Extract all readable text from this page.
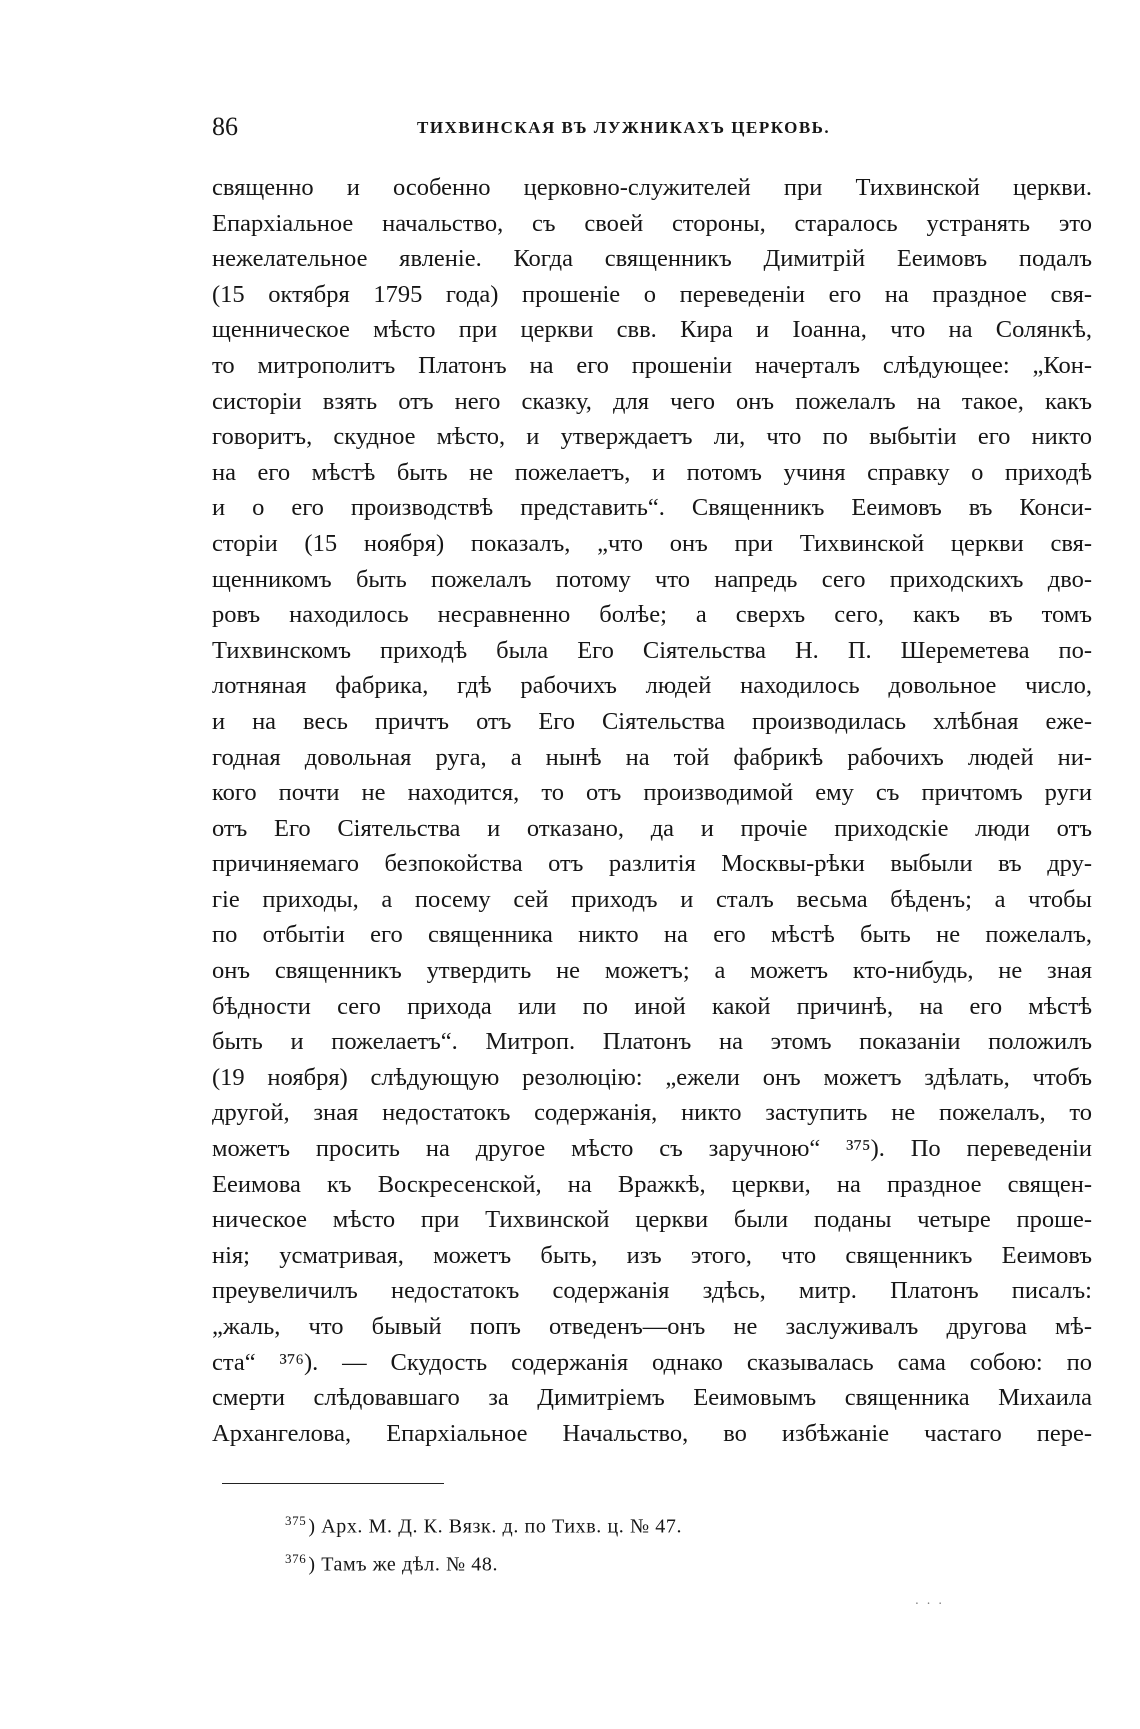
86	ТИХВИНСКАЯ ВЪ ЛУЖНИКАХЪ ЦЕРКОВЬ.
священно и особенно церковно-служителей при Тихвинской церкви.
Епархіальное начальство, съ своей стороны, старалось устранять это
нежелательное явленіе. Когда священникъ Димитрій Ееимовъ подалъ
(15 октября 1795 года) прошеніе о переведеніи его на праздное свя-
щенническое мѣсто при церкви свв. Кира и Іоанна, что на Солянкѣ,
то митрополитъ Платонъ на его прошеніи начерталъ слѣдующее: „Кон-
систоріи взять отъ него сказку, для чего онъ пожелалъ на такое, какъ
говоритъ, скудное мѣсто, и утверждаетъ ли, что по выбытіи его никто
на его мѣстѣ быть не пожелаетъ, и потомъ учиня справку о приходѣ
и о его производствѣ представить“. Священникъ Ееимовъ въ Конси-
сторіи (15 ноября) показалъ, „что онъ при Тихвинской церкви свя-
щенникомъ быть пожелалъ потому что напредь сего приходскихъ дво-
ровъ находилось несравненно болѣе; а сверхъ сего, какъ въ томъ
Тихвинскомъ приходѣ была Его Сіятельства Н. П. Шереметева по-
лотняная фабрика, гдѣ рабочихъ людей находилось довольное число,
и на весь причтъ отъ Его Сіятельства производилась хлѣбная еже-
годная довольная руга, а нынѣ на той фабрикѣ рабочихъ людей ни-
кого почти не находится, то отъ производимой ему съ причтомъ руги
отъ Его Сіятельства и отказано, да и прочіе приходскіе люди отъ
причиняемаго безпокойства отъ разлитія Москвы-рѣки выбыли въ дру-
гіе приходы, а посему сей приходъ и сталъ весьма бѣденъ; а чтобы
по отбытіи его священника никто на его мѣстѣ быть не пожелалъ,
онъ священникъ утвердить не можетъ; а можетъ кто-нибудь, не зная
бѣдности сего прихода или по иной какой причинѣ, на его мѣстѣ
быть и пожелаетъ“. Митроп. Платонъ на этомъ показаніи положилъ
(19 ноября) слѣдующую резолюцію: „ежели онъ можетъ здѣлать, чтобъ
другой, зная недостатокъ содержанія, никто заступить не пожелалъ, то
можетъ просить на другое мѣсто съ заручною“ ³⁷⁵). По переведеніи
Ееимова къ Воскресенской, на Вражкѣ, церкви, на праздное священ-
ническое мѣсто при Тихвинской церкви были поданы четыре проше-
нія; усматривая, можетъ быть, изъ этого, что священникъ Ееимовъ
преувеличилъ недостатокъ содержанія здѣсь, митр. Платонъ писалъ:
„жаль, что бывый попъ отведенъ—онъ не заслуживалъ другова мѣ-
ста“ ³⁷⁶). — Скудость содержанія однако сказывалась сама собою: по
смерти слѣдовавшаго за Димитріемъ Ееимовымъ священника Михаила
Архангелова, Епархіальное Начальство, во избѣжаніе частаго пере-
$^{375}$ ) Арх. М. Д. К. Вязк. д. по Тихв. ц. № 47.
$^{376}$ ) Тамъ же дѣл. № 48.
. . .
